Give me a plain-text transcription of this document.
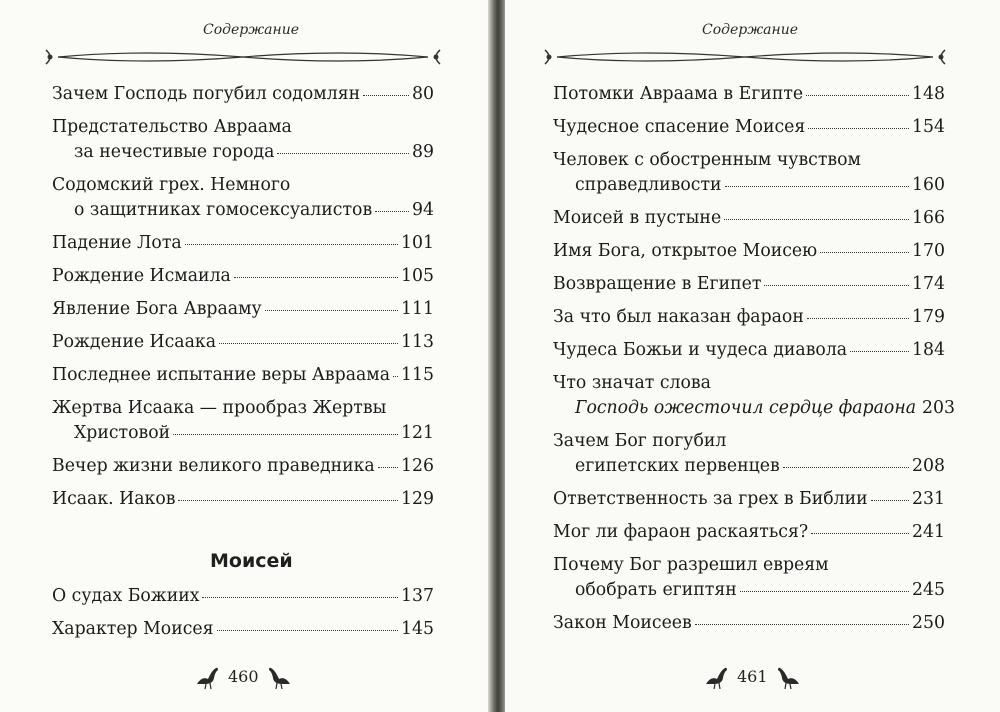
Содержание
Зачем Господь погубил содомлян	80
Предстательство Авраама
за нечестивые города	89
Содомский грех. Немного
о защитниках гомосексуалистов 94
Падение Лота	101
Рождение Исмаила	105
Явление Бога Аврааму	111
Рождение Исаака	113
Последнее испытание веры Авраама 115
Жертва Исаака — прообраз Жертвы
Христовой	121
Вечер жизни великого праведника 126
Исаак. Иаков	129
Моисей
О судах Божиих	137
Характер Моисея	145
460
Содержание
Потомки Авраама в Египте	148
Чудесное спасение Моисея	154
Человек с обостренным чувством
справедливости	160
Моисей в пустыне	166
Имя Бога, открытое Моисею	170
Возвращение в Египет	174
За что был наказан фараон	179
Чудеса Божьи и чудеса диавола	184
Что значат слова
Господь ожесточил сердце фараона 203
Зачем Бог погубил
египетских первенцев	208
Ответственность за грех в Библии	231
Мог ли фараон раскаяться?	241
Почему Бог разрешил евреям
обобрать египтян	245
Закон Моисеев	250
461
